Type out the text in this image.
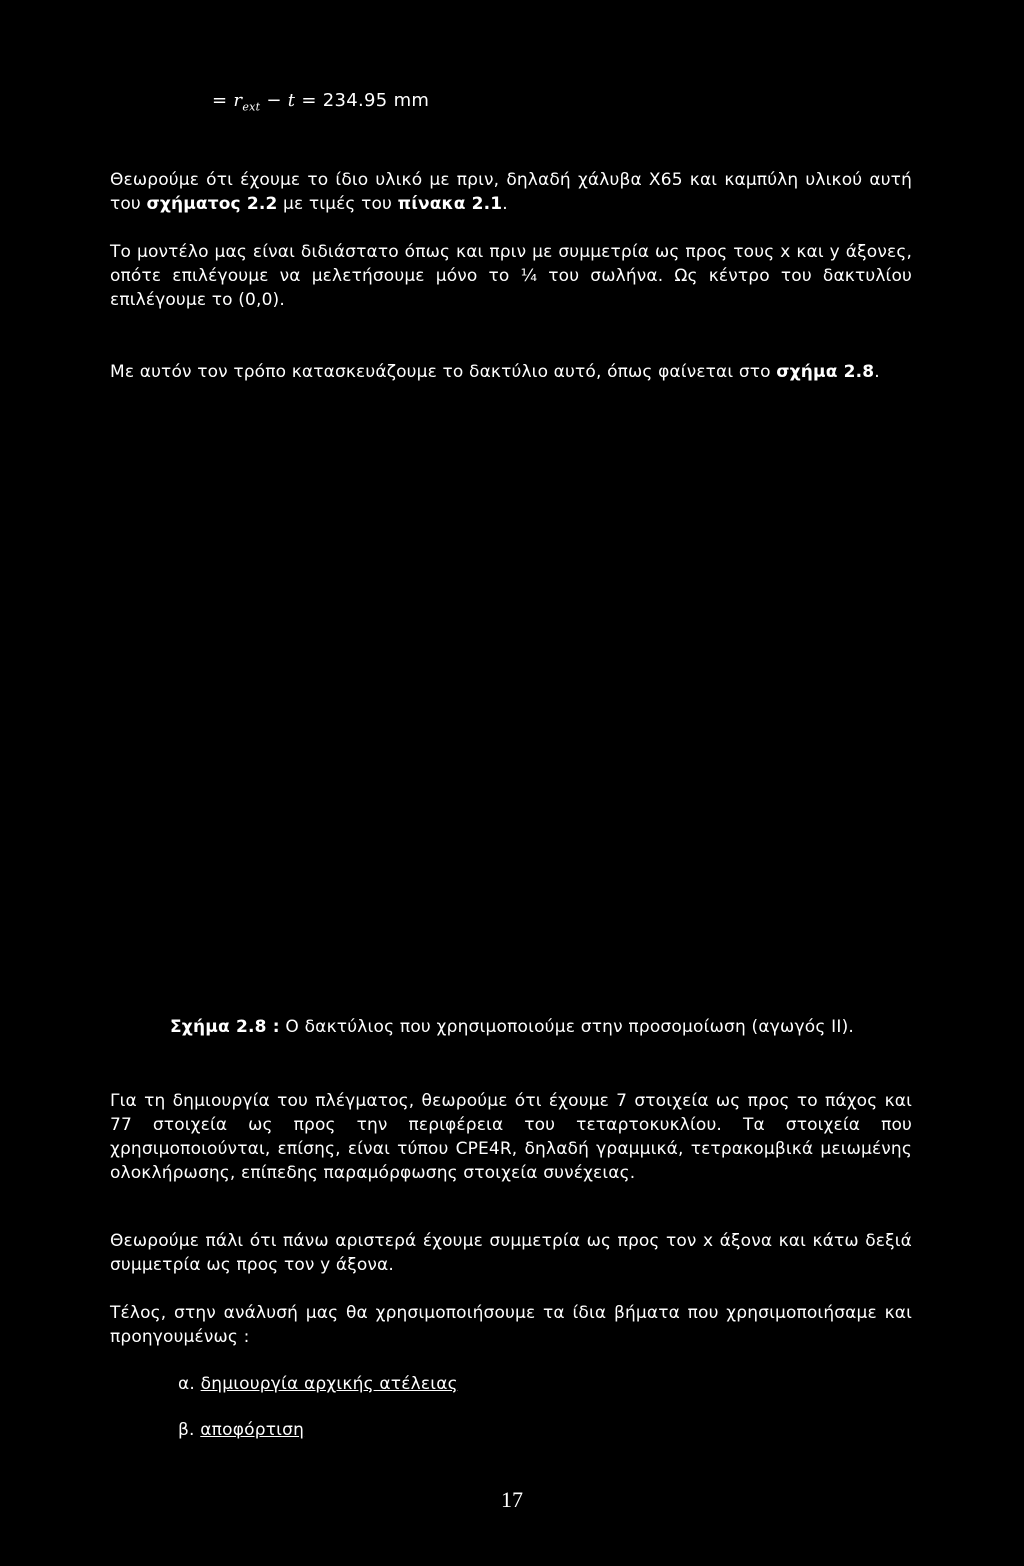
= $r_{ext} - t = 234.95$ mm

Θεωρούμε ότι έχουμε το ίδιο υλικό με πριν, δηλαδή χάλυβα X65 και καμπύλη υλικού αυτή του σχήματος 2.2 με τιμές του πίνακα 2.1.

Το μοντέλο μας είναι διδιάστατο όπως και πριν με συμμετρία ως προς τους x και y άξονες, οπότε επιλέγουμε να μελετήσουμε μόνο το ¼ του σωλήνα. Ως κέντρο του δακτυλίου επιλέγουμε το (0,0).

Με αυτόν τον τρόπο κατασκευάζουμε το δακτύλιο αυτό, όπως φαίνεται στο σχήμα 2.8.

Σχήμα 2.8 : Ο δακτύλιος που χρησιμοποιούμε στην προσομοίωση (αγωγός ΙΙ).

Για τη δημιουργία του πλέγματος, θεωρούμε ότι έχουμε 7 στοιχεία ως προς το πάχος και 77 στοιχεία ως προς την περιφέρεια του τεταρτοκυκλίου. Τα στοιχεία που χρησιμοποιούνται, επίσης, είναι τύπου CPE4R, δηλαδή γραμμικά, τετρακομβικά μειωμένης ολοκλήρωσης, επίπεδης παραμόρφωσης στοιχεία συνέχειας.

Θεωρούμε πάλι ότι πάνω αριστερά έχουμε συμμετρία ως προς τον x άξονα και κάτω δεξιά συμμετρία ως προς τον y άξονα.

Τέλος, στην ανάλυσή μας θα χρησιμοποιήσουμε τα ίδια βήματα που χρησιμοποιήσαμε και προηγουμένως :

α. δημιουργία αρχικής ατέλειας
β. αποφόρτιση
17
